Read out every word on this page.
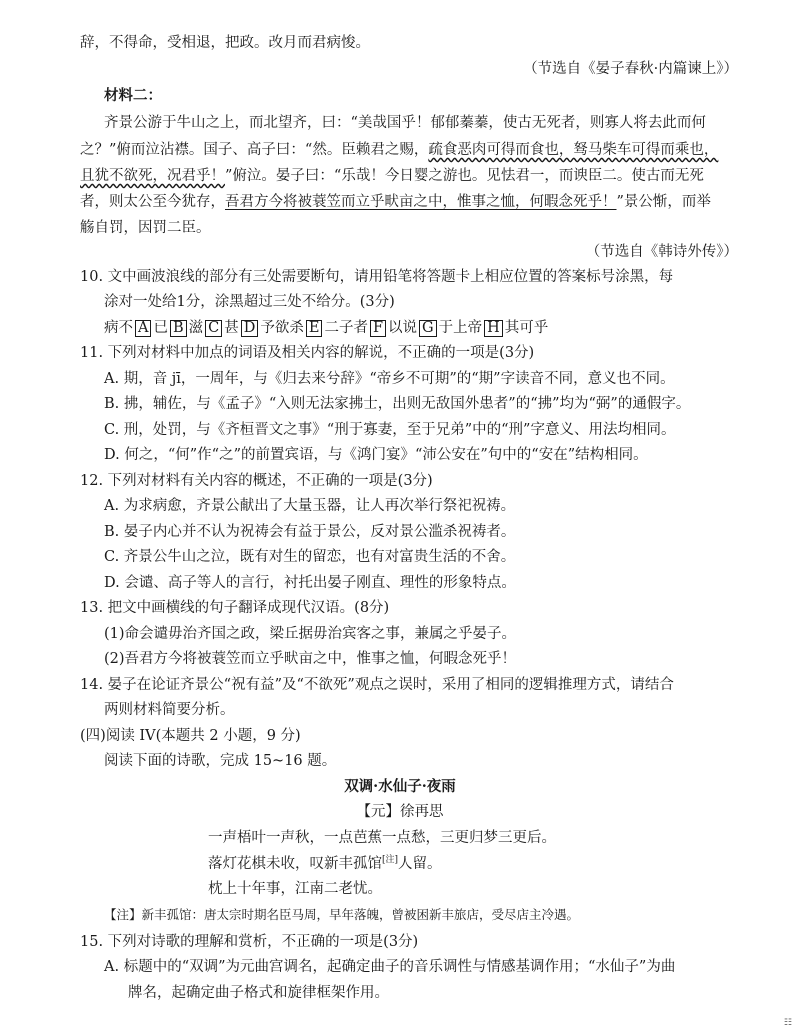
辞，不得命，受相退，把政。改月而君病悛。
（节选自《晏子春秋·内篇谏上》）
材料二：
齐景公游于牛山之上，而北望齐，曰：“美哉国乎！郁郁蓁蓁，使古无死者，则寡人将去此而何
之？”俯而泣沾襟。国子、高子曰：“然。臣赖君之赐，疏食恶肉可得而食也，驽马柴车可得而乘也，
且犹不欲死，况君乎！”俯泣。晏子曰：“乐哉！今日婴之游也。见怯君一，而谀臣二。使古而无死
者，则太公至今犹存，吾君方今将被蓑笠而立乎畎亩之中，惟事之恤，何暇念死乎！”景公惭，而举
觞自罚，因罚二臣。
（节选自《韩诗外传》）
10. 文中画波浪线的部分有三处需要断句，请用铅笔将答题卡上相应位置的答案标号涂黑，每
涂对一处给1分，涂黑超过三处不给分。(3分)
病不 A 已 B 滋 C 甚 D 予欲杀 E 二子者 F 以说 G 于上帝 H 其可乎
11. 下列对材料中加点的词语及相关内容的解说，不正确的一项是(3分)
A. 期，音 jī，一周年，与《归去来兮辞》“帝乡不可期”的“期”字读音不同，意义也不同。
B. 拂，辅佐，与《孟子》“入则无法家拂士，出则无敌国外患者”的“拂”均为“弼”的通假字。
C. 刑，处罚，与《齐桓晋文之事》“刑于寡妻，至于兄弟”中的“刑”字意义、用法均相同。
D. 何之，“何”作“之”的前置宾语，与《鸿门宴》“沛公安在”句中的“安在”结构相同。
12. 下列对材料有关内容的概述，不正确的一项是(3分)
A. 为求病愈，齐景公献出了大量玉器，让人再次举行祭祀祝祷。
B. 晏子内心并不认为祝祷会有益于景公，反对景公滥杀祝祷者。
C. 齐景公牛山之泣，既有对生的留恋，也有对富贵生活的不舍。
D. 会谴、高子等人的言行，衬托出晏子刚直、理性的形象特点。
13. 把文中画横线的句子翻译成现代汉语。(8分)
(1)命会谴毋治齐国之政，梁丘据毋治宾客之事，兼属之乎晏子。
(2)吾君方今将被蓑笠而立乎畎亩之中，惟事之恤，何暇念死乎！
14. 晏子在论证齐景公“祝有益”及“不欲死”观点之误时，采用了相同的逻辑推理方式，请结合
两则材料简要分析。
(四)阅读 IV(本题共 2 小题，9 分)
阅读下面的诗歌，完成 15~16 题。
双调·水仙子·夜雨
【元】徐再思
一声梧叶一声秋，一点芭蕉一点愁，三更归梦三更后。
落灯花棋未收，叹新丰孤馆[注]人留。
枕上十年事，江南二老忧。
【注】新丰孤馆：唐太宗时期名臣马周，早年落魄，曾被困新丰旅店，受尽店主冷遇。
15. 下列对诗歌的理解和赏析，不正确的一项是(3分)
A. 标题中的“双调”为元曲宫调名，起确定曲子的音乐调性与情感基调作用；“水仙子”为曲
牌名，起确定曲子格式和旋律框架作用。
☷
